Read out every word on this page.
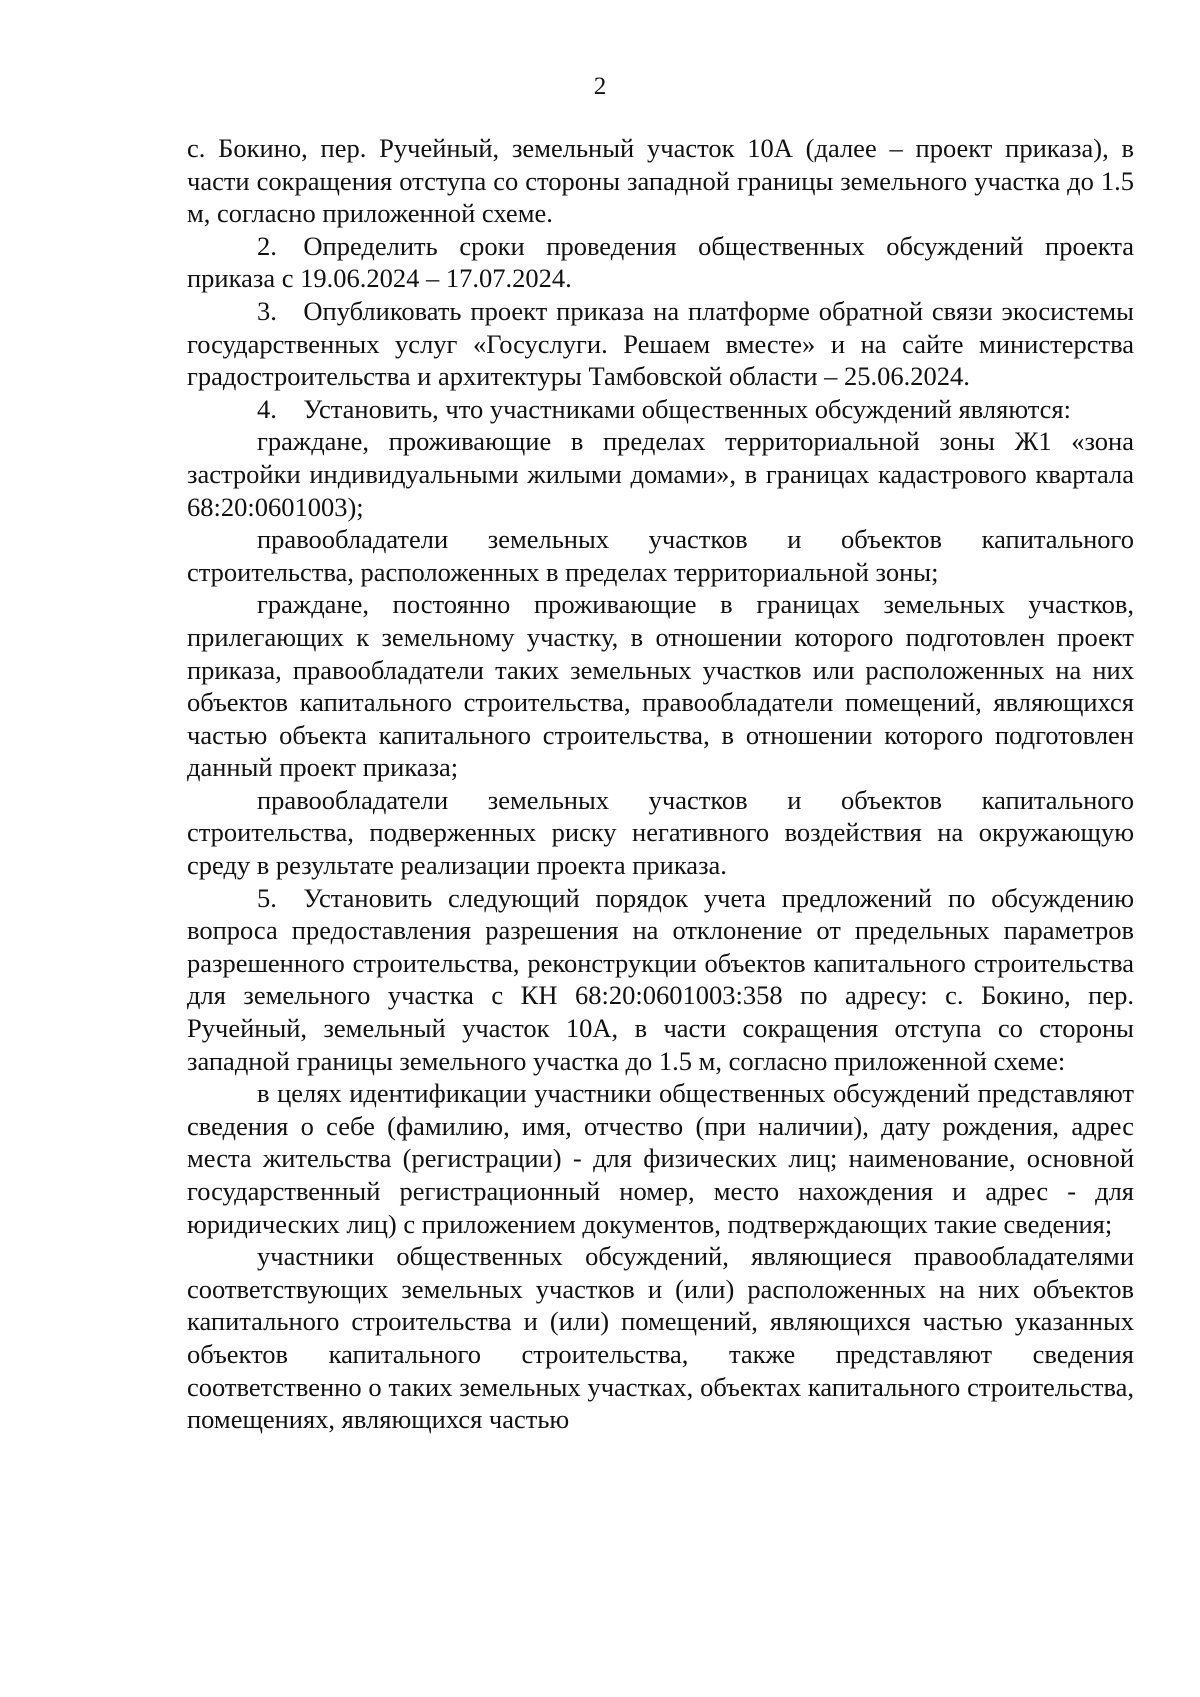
2

с. Бокино, пер. Ручейный, земельный участок 10А (далее – проект приказа), в части сокращения отступа со стороны западной границы земельного участка до 1.5 м, согласно приложенной схеме.

2. Определить сроки проведения общественных обсуждений проекта приказа с 19.06.2024 – 17.07.2024.

3. Опубликовать проект приказа на платформе обратной связи экосистемы государственных услуг «Госуслуги. Решаем вместе» и на сайте министерства градостроительства и архитектуры Тамбовской области – 25.06.2024.

4. Установить, что участниками общественных обсуждений являются:

граждане, проживающие в пределах территориальной зоны Ж1 «зона застройки индивидуальными жилыми домами», в границах кадастрового квартала 68:20:0601003);

правообладатели земельных участков и объектов капитального строительства, расположенных в пределах территориальной зоны;

граждане, постоянно проживающие в границах земельных участков, прилегающих к земельному участку, в отношении которого подготовлен проект приказа, правообладатели таких земельных участков или расположенных на них объектов капитального строительства, правообладатели помещений, являющихся частью объекта капитального строительства, в отношении которого подготовлен данный проект приказа;

правообладатели земельных участков и объектов капитального строительства, подверженных риску негативного воздействия на окружающую среду в результате реализации проекта приказа.

5. Установить следующий порядок учета предложений по обсуждению вопроса предоставления разрешения на отклонение от предельных параметров разрешенного строительства, реконструкции объектов капитального строительства для земельного участка с КН 68:20:0601003:358 по адресу: с. Бокино, пер. Ручейный, земельный участок 10А, в части сокращения отступа со стороны западной границы земельного участка до 1.5 м, согласно приложенной схеме:

в целях идентификации участники общественных обсуждений представляют сведения о себе (фамилию, имя, отчество (при наличии), дату рождения, адрес места жительства (регистрации) - для физических лиц; наименование, основной государственный регистрационный номер, место нахождения и адрес - для юридических лиц) с приложением документов, подтверждающих такие сведения;

участники общественных обсуждений, являющиеся правообладателями соответствующих земельных участков и (или) расположенных на них объектов капитального строительства и (или) помещений, являющихся частью указанных объектов капитального строительства, также представляют сведения соответственно о таких земельных участках, объектах капитального строительства, помещениях, являющихся частью
